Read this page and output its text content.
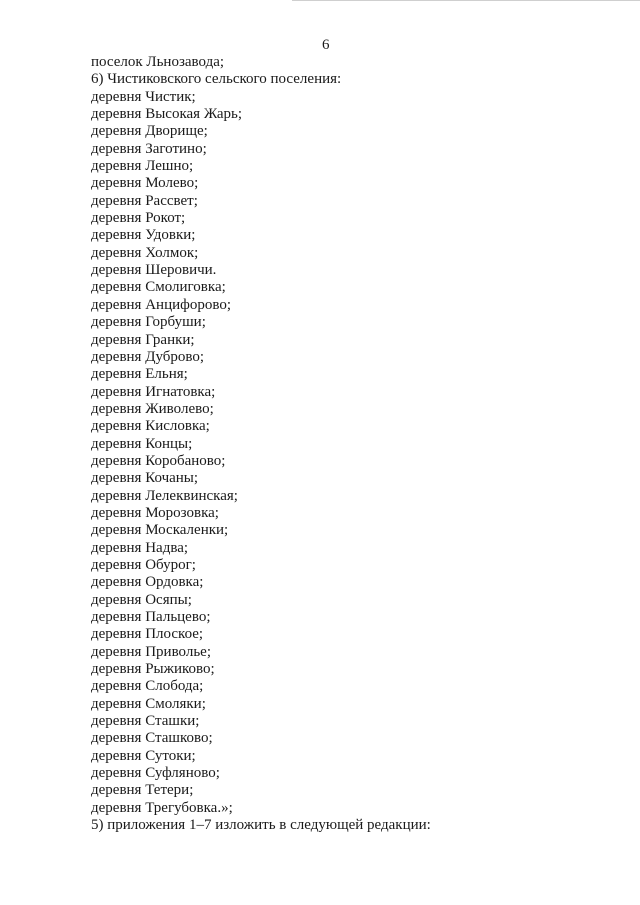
6
поселок Льнозавода;
6) Чистиковского сельского поселения:
деревня Чистик;
деревня Высокая Жарь;
деревня Дворище;
деревня Заготино;
деревня Лешно;
деревня Молево;
деревня Рассвет;
деревня Рокот;
деревня Удовки;
деревня Холмок;
деревня Шеровичи.
деревня Смолиговка;
деревня Анцифорово;
деревня Горбуши;
деревня Гранки;
деревня Дуброво;
деревня Ельня;
деревня Игнатовка;
деревня Живолево;
деревня Кисловка;
деревня Концы;
деревня Коробаново;
деревня Кочаны;
деревня Лелеквинская;
деревня Морозовка;
деревня Москаленки;
деревня Надва;
деревня Обурог;
деревня Ордовка;
деревня Осяпы;
деревня Пальцево;
деревня Плоское;
деревня Приволье;
деревня Рыжиково;
деревня Слобода;
деревня Смоляки;
деревня Сташки;
деревня Сташково;
деревня Сутоки;
деревня Суфляново;
деревня Тетери;
деревня Трегубовка.»;
5) приложения 1–7 изложить в следующей редакции:
